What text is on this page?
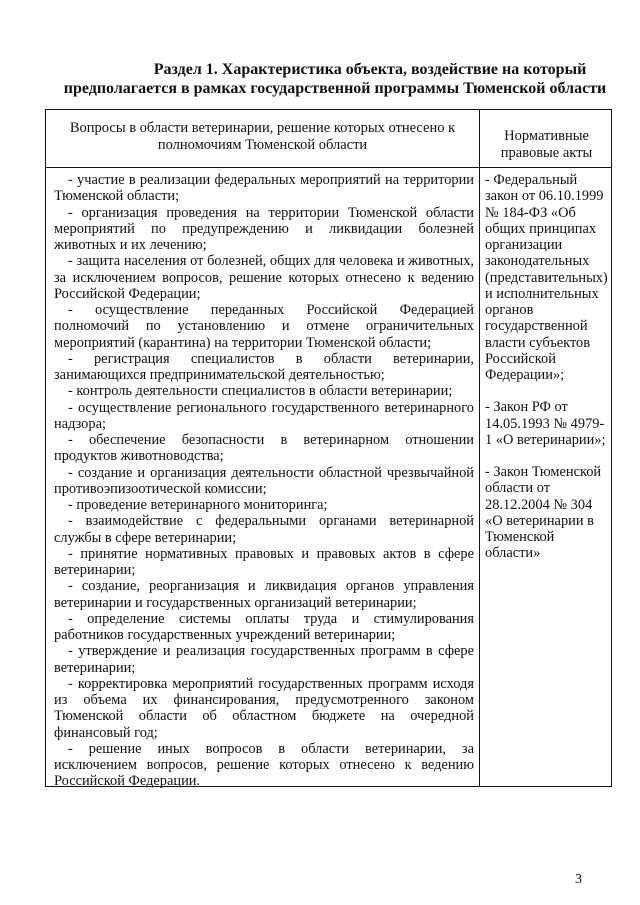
Раздел 1. Характеристика объекта, воздействие на который
предполагается в рамках государственной программы Тюменской области
Вопросы в области ветеринарии, решение которых отнесено к полномочиям Тюменской области
Нормативные правовые акты
- участие в реализации федеральных мероприятий на территории Тюменской области;
- организация проведения на территории Тюменской области мероприятий по предупреждению и ликвидации болезней животных и их лечению;
- защита населения от болезней, общих для человека и животных, за исключением вопросов, решение которых отнесено к ведению Российской Федерации;
- осуществление переданных Российской Федерацией полномочий по установлению и отмене ограничительных мероприятий (карантина) на территории Тюменской области;
- регистрация специалистов в области ветеринарии, занимающихся предпринимательской деятельностью;
- контроль деятельности специалистов в области ветеринарии;
- осуществление регионального государственного ветеринарного надзора;
- обеспечение безопасности в ветеринарном отношении продуктов животноводства;
- создание и организация деятельности областной чрезвычайной противоэпизоотической комиссии;
- проведение ветеринарного мониторинга;
- взаимодействие с федеральными органами ветеринарной службы в сфере ветеринарии;
- принятие нормативных правовых и правовых актов в сфере ветеринарии;
- создание, реорганизация и ликвидация органов управления ветеринарии и государственных организаций ветеринарии;
- определение системы оплаты труда и стимулирования работников государственных учреждений ветеринарии;
- утверждение и реализация государственных программ в сфере ветеринарии;
- корректировка мероприятий государственных программ исходя из объема их финансирования, предусмотренного законом Тюменской области об областном бюджете на очередной финансовый год;
- решение иных вопросов в области ветеринарии, за исключением вопросов, решение которых отнесено к ведению Российской Федерации.

- Федеральный закон от 06.10.1999 № 184-ФЗ «Об общих принципах организации законодательных (представительных) и исполнительных органов государственной власти субъектов Российской Федерации»;

- Закон РФ от 14.05.1993 № 4979-1 «О ветеринарии»;

- Закон Тюменской области от 28.12.2004 № 304 «О ветеринарии в Тюменской области»

3
